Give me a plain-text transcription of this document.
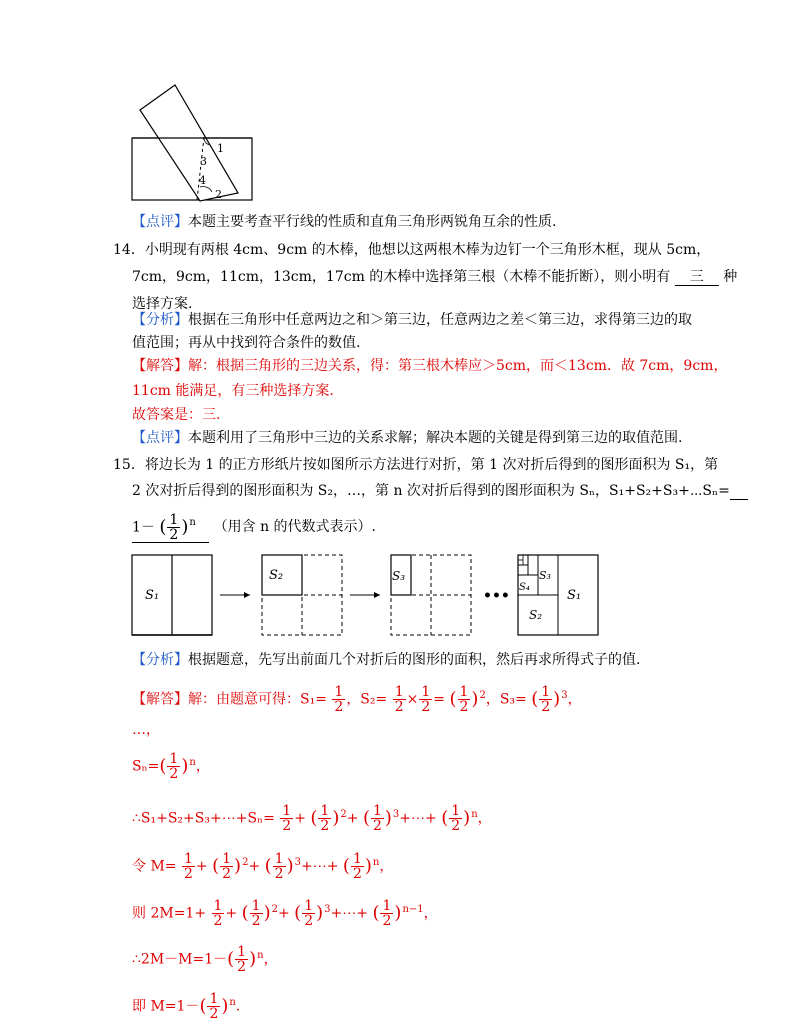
1
3
4
2
【点评】本题主要考查平行线的性质和直角三角形两锐角互余的性质.
14．小明现有两根 4cm、9cm 的木棒，他想以这两根木棒为边钉一个三角形木框，现从 5cm，
7cm，9cm，11cm，13cm，17cm 的木棒中选择第三根（木棒不能折断），则小明有 三 种
选择方案.
【分析】根据在三角形中任意两边之和＞第三边，任意两边之差＜第三边，求得第三边的取
值范围；再从中找到符合条件的数值.
【解答】解：根据三角形的三边关系，得：第三根木棒应＞5cm，而＜13cm．故 7cm，9cm，
11cm 能满足，有三种选择方案.
故答案是：三.
【点评】本题利用了三角形中三边的关系求解；解决本题的关键是得到第三边的取值范围.
15．将边长为 1 的正方形纸片按如图所示方法进行对折，第 1 次对折后得到的图形面积为 S₁，第
2 次对折后得到的图形面积为 S₂，…，第 n 次对折后得到的图形面积为 Sₙ，S₁+S₂+S₃+⋯Sₙ=
1－ ( $\frac{1}{2} )^n$ （用含 n 的代数式表示）.
S₁
S₂	S₃
•••	S₁
S₂
S₃
S₄
【分析】根据题意，先写出前面几个对折后的图形的面积，然后再求所得式子的值.
【解答】解：由题意可得：$S_1= \frac{1}{2}$ ，$S_2= \frac{1}{2} \times \frac{1}{2}$ = ( $\frac{1}{2} )^2$，S₃= ( $\frac{1}{2} )^3$，
…，
$S_n=( \frac{1}{2} )^n$，
∴S₁+S₂+S₃+⋯+Sₙ= $\frac{1}{2}$ + ( $\frac{1}{2} )^2+$ ( $\frac{1}{2}$ )$^3$+⋯+ ( $\frac{1}{2} )^n$，
令 $M= \frac{1}{2}$ + ( $\frac{1}{2} )^2+$ ( $\frac{1}{2}$ )$^3$+⋯+ ( $\frac{1}{2} )^n$，
则 $2M=1+ \frac{1}{2}$ + ( $\frac{1}{2} )^2+$ ( $\frac{1}{2}$ )$^3$+⋯+ ( $\frac{1}{2} )^{n-1}$，
∴2M－M=1－( $\frac{1}{2} )^n$，
即 $M=1-( \frac{1}{2} )^n$.
